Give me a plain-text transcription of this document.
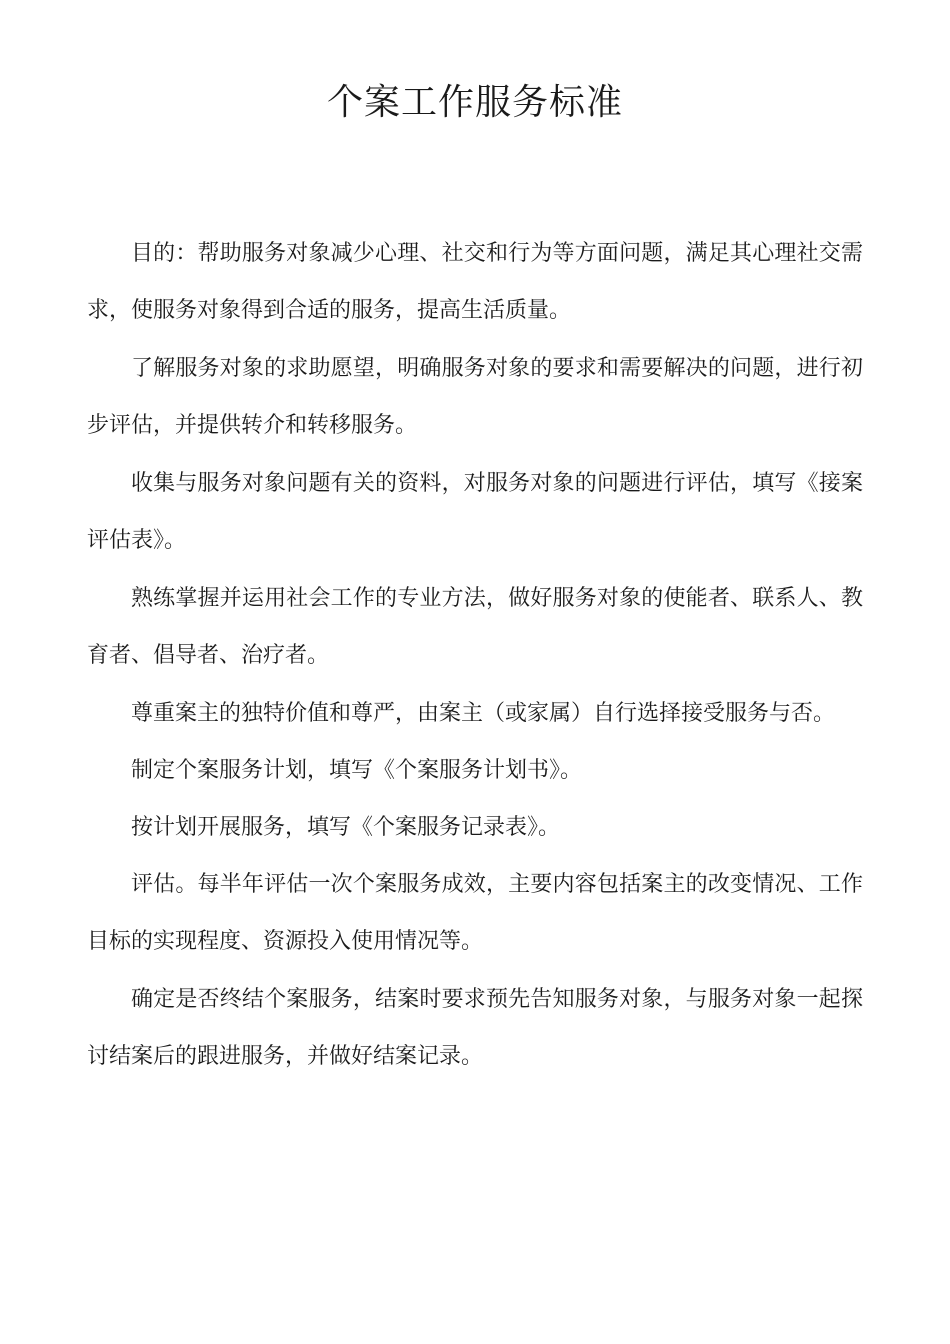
个案工作服务标准

目的：帮助服务对象减少心理、社交和行为等方面问题，满足其心理社交需求，使服务对象得到合适的服务，提高生活质量。

了解服务对象的求助愿望，明确服务对象的要求和需要解决的问题，进行初步评估，并提供转介和转移服务。

收集与服务对象问题有关的资料，对服务对象的问题进行评估，填写《接案评估表》。

熟练掌握并运用社会工作的专业方法，做好服务对象的使能者、联系人、教育者、倡导者、治疗者。

尊重案主的独特价值和尊严，由案主（或家属）自行选择接受服务与否。

制定个案服务计划，填写《个案服务计划书》。

按计划开展服务，填写《个案服务记录表》。

评估。每半年评估一次个案服务成效，主要内容包括案主的改变情况、工作目标的实现程度、资源投入使用情况等。

确定是否终结个案服务，结案时要求预先告知服务对象，与服务对象一起探讨结案后的跟进服务，并做好结案记录。
